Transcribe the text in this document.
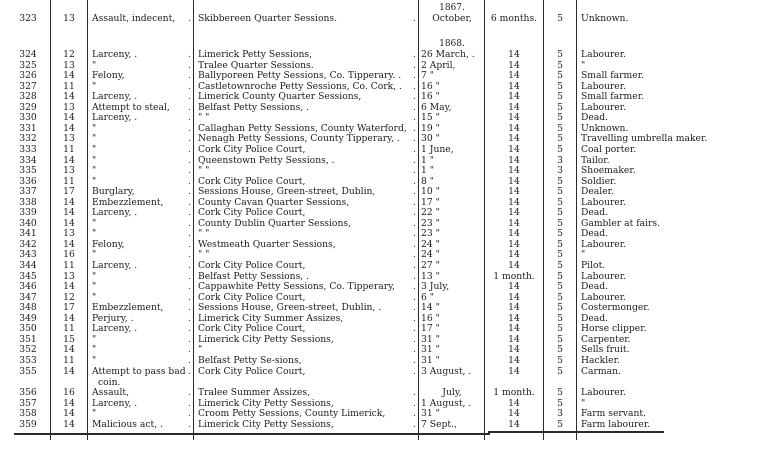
1867.
1868.
323	13	Assault, indecent,	Skibbereen Quarter Sessions.	October,	6 months.	5	Unknown.
.	.
324	12	Larceny, .	Limerick Petty Sessions,	26 March, .	14	5	Labourer.
.	.
325	13	"	Tralee Quarter Sessions.	2 April,	14	5	"
.	.
326	14	Felony,	Ballyporeen Petty Sessions, Co. Tipperary. .	7 "	14	5	Small farmer.
.	.
327	11	"	Castletownroche Petty Sessions, Co. Cork, .	16 "	14	5	Labourer.
.	.
328	14	Larceny, .	Limerick County Quarter Sessions,	16 "	14	5	Small farmer.
.	.
329	13	Attempt to steal,	Belfast Petty Sessions, .	6 May,	14	5	Labourer.
.	.
330	14	Larceny, .	" "	15 "	14	5	Dead.
.	.
331	14	"	Callaghan Petty Sessions, County Waterford,	19 "	14	5	Unknown.
.	.
332	13	"	Nenagh Petty Sessions, County Tipperary, .	30 "	14	5	Travelling umbrella maker.
.	.
333	11	"	Cork City Police Court,	1 June,	14	5	Coal porter.
.	.
334	14	"	Queenstown Petty Sessions, .	1 "	14	3	Tailor.
.	.
335	13	"	" "	1 "	14	3	Shoemaker.
.	.
336	11	"	Cork City Police Court,	8 "	14	5	Soldier.
.	.
337	17	Burglary,	Sessions House, Green-street, Dublin,	10 "	14	5	Dealer.
.	.
338	14	Embezzlement,	County Cavan Quarter Sessions,	17 "	14	5	Labourer.
.	.
339	14	Larceny, .	Cork City Police Court,	22 "	14	5	Dead.
.	.
340	14	"	County Dublin Quarter Sessions,	23 "	14	5	Gambler at fairs.
.	.
341	13	"	" "	23 "	14	5	Dead.
.	.
342	14	Felony,	Westmeath Quarter Sessions,	24 "	14	5	Labourer.
.	.
343	16	"	" "	24 "	14	5	"
.	.
344	11	Larceny, .	Cork City Police Court,	27 "	14	5	Pilot.
.	.
345	13	"	Belfast Petty Sessions, .	13 "	1 month.	5	Labourer.
.	.
346	14	"	Cappawhite Petty Sessions, Co. Tipperary,	3 July,	14	5	Dead.
.	.
347	12	"	Cork City Police Court,	6 "	14	5	Labourer.
.	.
348	17	Embezzlement,	Sessions House, Green-street, Dublin, .	14 "	14	5	Costermonger.
.	.
349	14	Perjury, .	Limerick City Summer Assizes,	16 "	14	5	Dead.
.	.
350	11	Larceny, .	Cork City Police Court,	17 "	14	5	Horse clipper.
.	.
351	15	"	Limerick City Petty Sessions,	31 "	14	5	Carpenter.
.	.
352	14	"	"	31 "	14	5	Sells fruit.
.	.
353	11	"	Belfast Petty Se-sions,	31 "	14	5	Hackler.
.	.
355	14	Attempt to pass bad	Cork City Police Court,	3 August, .	14	5	Carman.
coin.
.	.
356	16	Assault,	Tralee Summer Assizes,	July,	1 month.	5	Labourer.
.	.
357	14	Larceny, .	Limerick City Petty Sessions,	1 August, .	14	5	"
.	.
358	14	"	Croom Petty Sessions, County Limerick,	31 "	14	3	Farm servant.
.	.
359	14	Malicious act, .	Limerick City Petty Sessions,	7 Sept.,	14	5	Farm labourer.
.	.
